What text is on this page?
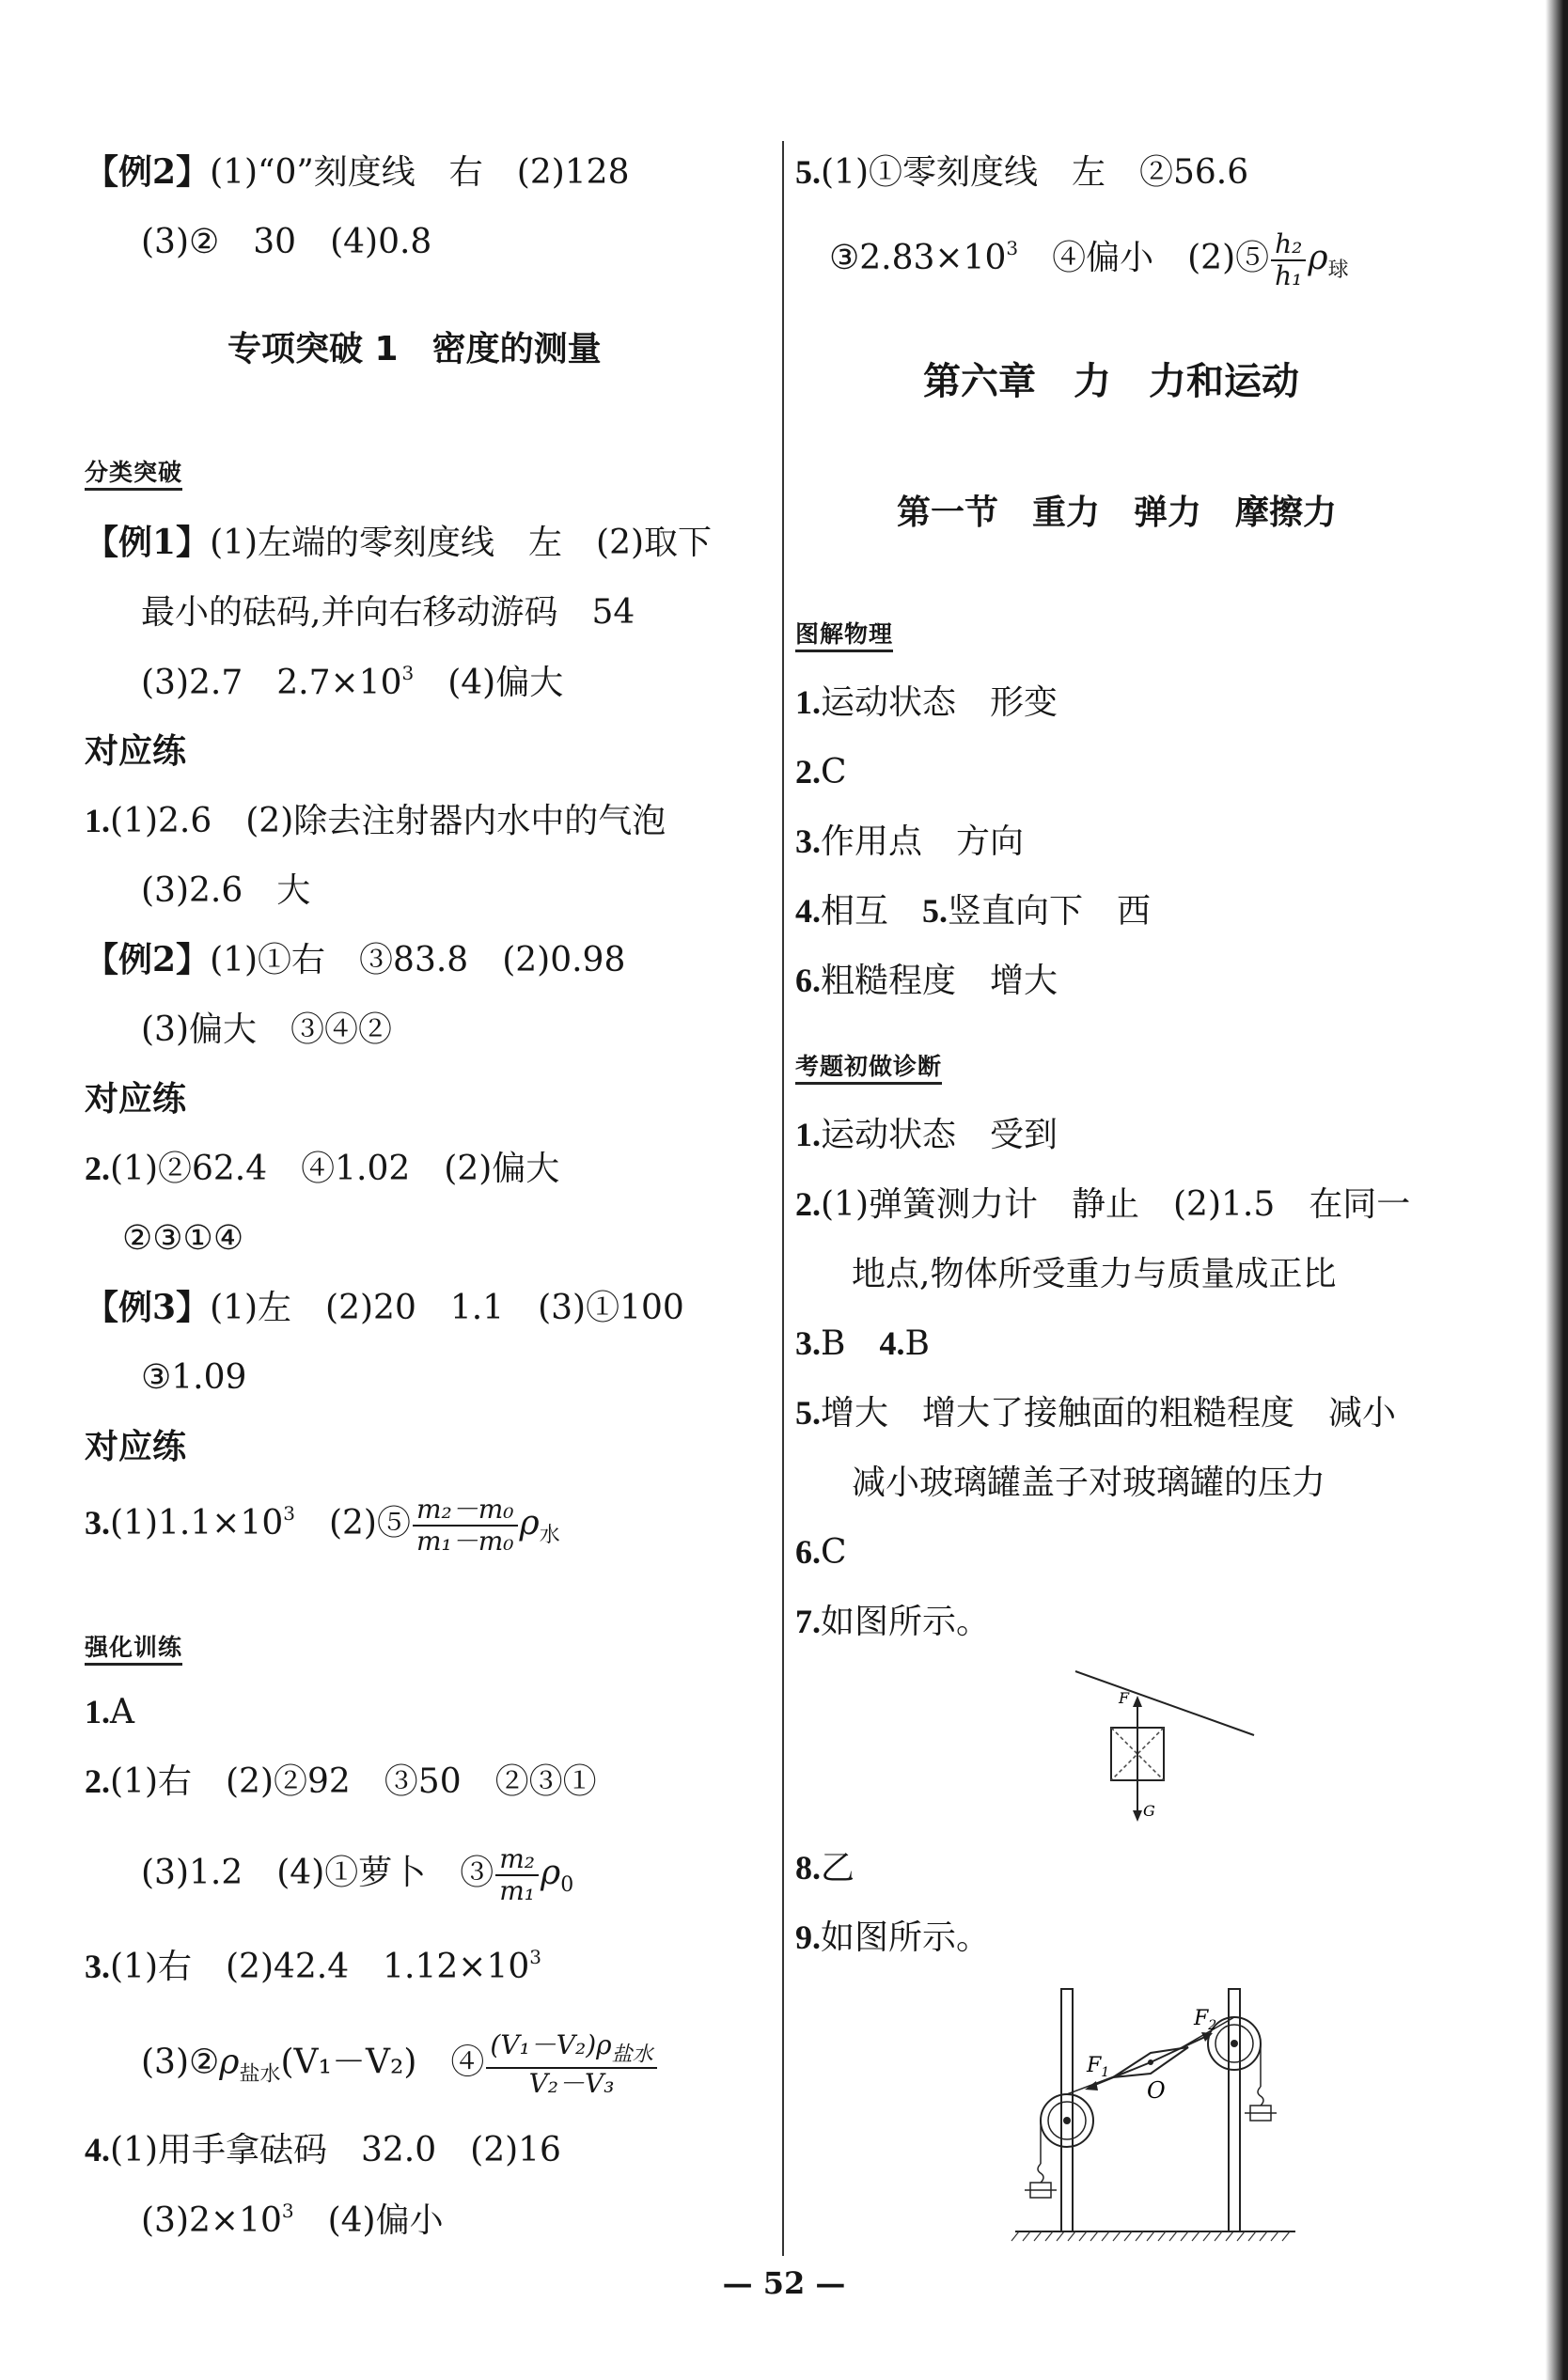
【例2】(1)“0”刻度线　右　(2)128
(3)②　30　(4)0.8
专项突破 1　密度的测量
分类突破
【例1】(1)左端的零刻度线　左　(2)取下
最小的砝码,并向右移动游码　54
(3)2.7　$2.7\times 10^3$　(4)偏大
对应练
1.(1)2.6　(2)除去注射器内水中的气泡
(3)2.6　大
【例2】(1)①右　③83.8　(2)0.98
(3)偏大　③④②
对应练
2.(1)②62.4　④1.02　(2)偏大
②③①④
【例3】(1)左　(2)20　1.1　(3)①100
③1.09
对应练
$3.(1)1.1\times 10^3$　(2)⑤ $\frac{\text{m₂－m₀}}{\text{m₁－m₀}} \rho_水$
强化训练
1.A
2.(1)右　(2)②92　③50　②③①
(3)1.2　(4)①萝卜　③ $\frac{\text{m₂}}{\text{m₁}} \rho_0$
3.(1)右　(2)42.4　$1.12\times 10^3$
$(3)②\rho_{盐水}(V_1-V_2)$　④ $\frac{(V_1-V_2)\rho_{盐水}}{\text{V₂－V₃}}$
4.(1)用手拿砝码　32.0　(2)16
$(3)2\times 10^3$　(4)偏小
5.(1)①零刻度线　左　②56.6
$③2.83\times 10^3$　④偏小　(2)⑤ $\frac{\text{h₂}}{\text{h₁}} \rho_球$
第六章　力　力和运动
第一节　重力　弹力　摩擦力
图解物理
1.运动状态　形变
2.C
3.作用点　方向
4.相互　5.竖直向下　西
6.粗糙程度　增大
考题初做诊断
1.运动状态　受到
2.(1)弹簧测力计　静止　(2)1.5　在同一
地点,物体所受重力与质量成正比
3.B　4.B
5.增大　增大了接触面的粗糙程度　减小
减小玻璃罐盖子对玻璃罐的压力
6.C
7.如图所示。
F
G
8.乙
9.如图所示。
$F_1$
$F_2$
O
— 52 —
